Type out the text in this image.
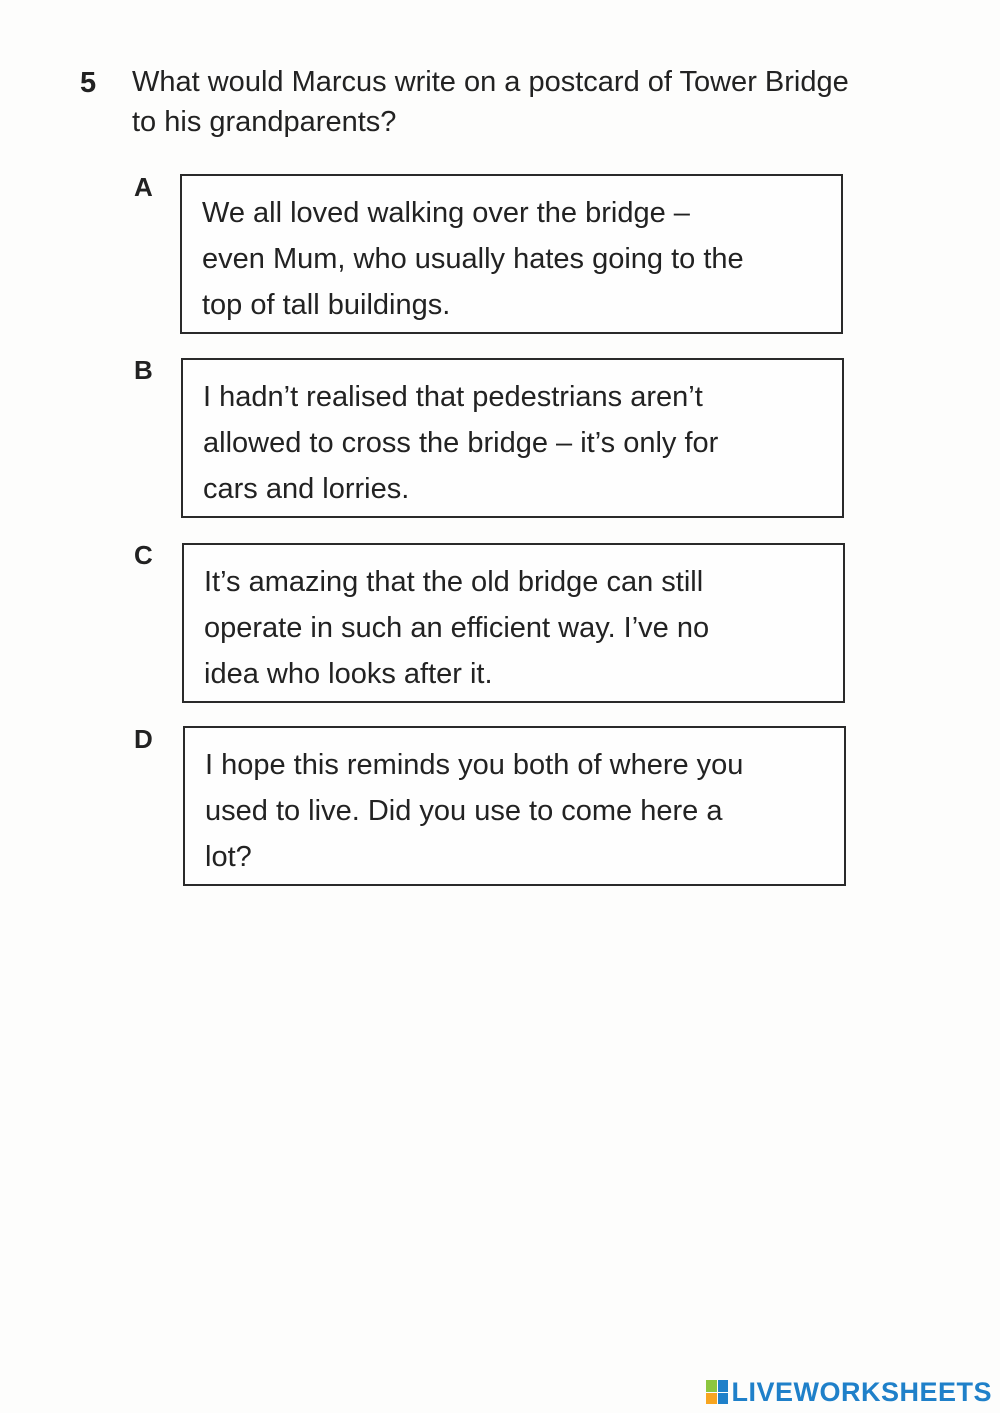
5 What would Marcus write on a postcard of Tower Bridge to his grandparents?
A
We all loved walking over the bridge –
even Mum, who usually hates going to the
top of tall buildings.
B
I hadn’t realised that pedestrians aren’t
allowed to cross the bridge – it’s only for
cars and lorries.
C
It’s amazing that the old bridge can still
operate in such an efficient way. I’ve no
idea who looks after it.
D
I hope this reminds you both of where you
used to live. Did you use to come here a
lot?
LIVEWORKSHEETS
